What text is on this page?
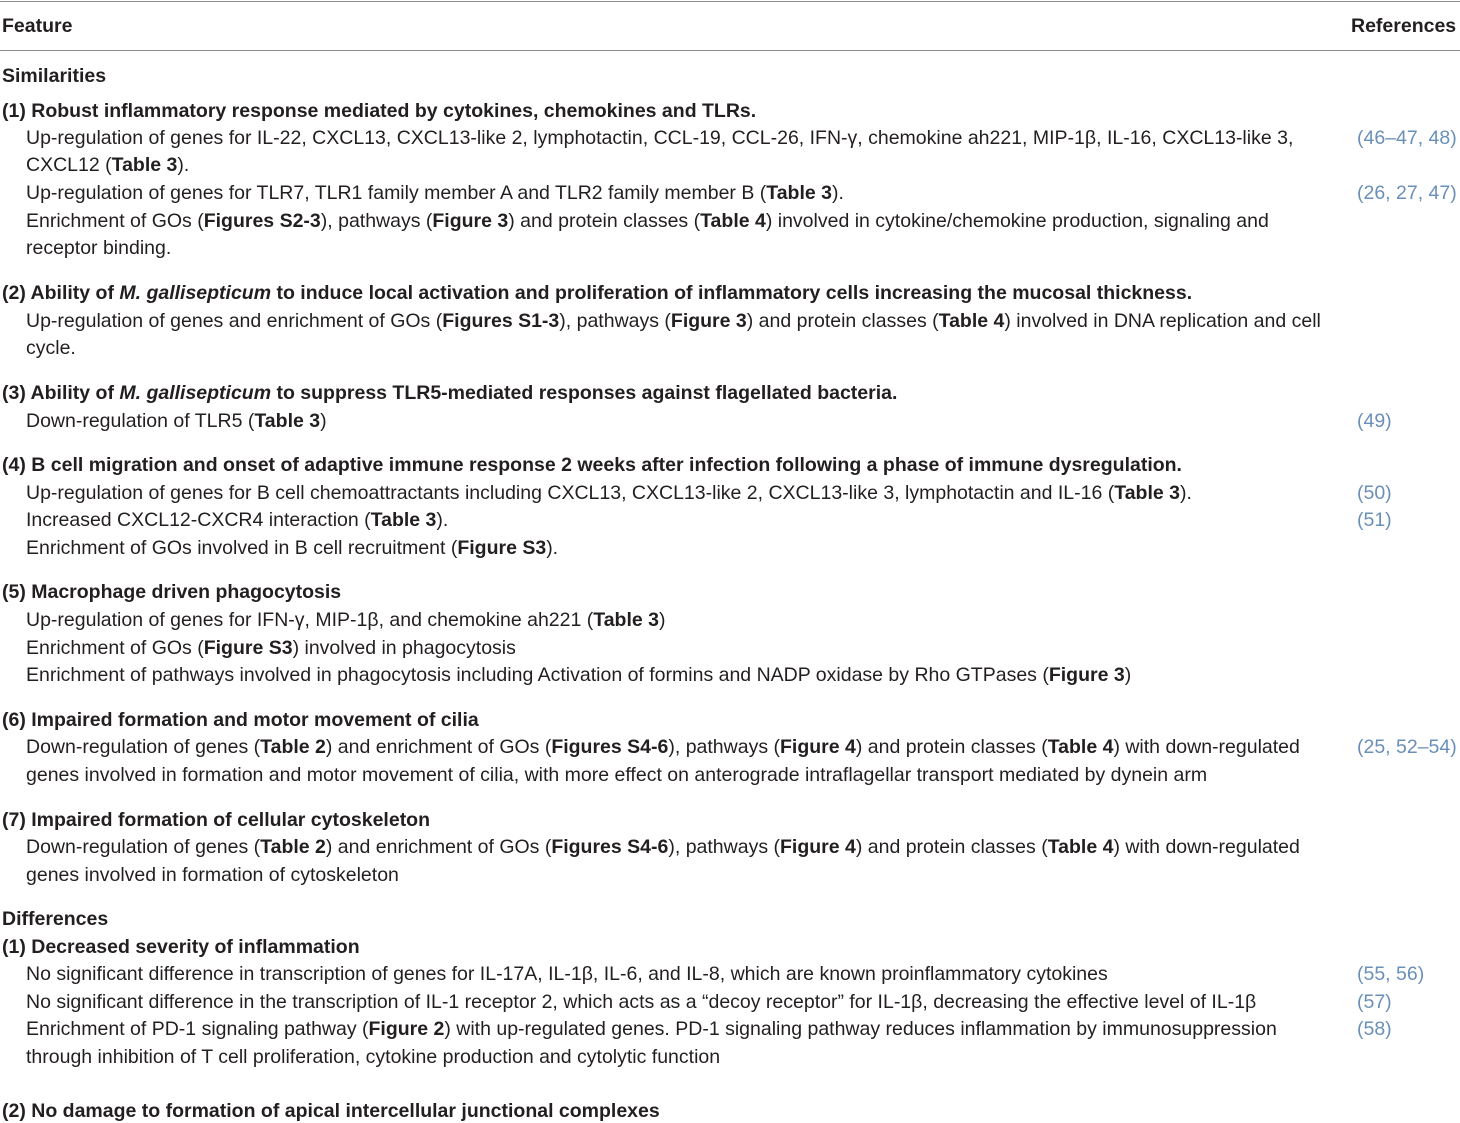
Feature	References
Similarities
(1) Robust inflammatory response mediated by cytokines, chemokines and TLRs.
Up-regulation of genes for IL-22, CXCL13, CXCL13-like 2, lymphotactin, CCL-19, CCL-26, IFN-γ, chemokine ah221, MIP-1β, IL-16, CXCL13-like 3,	(46–47, 48)
CXCL12 (Table 3).
Up-regulation of genes for TLR7, TLR1 family member A and TLR2 family member B (Table 3).	(26, 27, 47)
Enrichment of GOs (Figures S2-3), pathways (Figure 3) and protein classes (Table 4) involved in cytokine/chemokine production, signaling and
receptor binding.
(2) Ability of M. gallisepticum to induce local activation and proliferation of inflammatory cells increasing the mucosal thickness.
Up-regulation of genes and enrichment of GOs (Figures S1-3), pathways (Figure 3) and protein classes (Table 4) involved in DNA replication and cell
cycle.
(3) Ability of M. gallisepticum to suppress TLR5-mediated responses against flagellated bacteria.
Down-regulation of TLR5 (Table 3)	(49)
(4) B cell migration and onset of adaptive immune response 2 weeks after infection following a phase of immune dysregulation.
Up-regulation of genes for B cell chemoattractants including CXCL13, CXCL13-like 2, CXCL13-like 3, lymphotactin and IL-16 (Table 3).	(50)
Increased CXCL12-CXCR4 interaction (Table 3).	(51)
Enrichment of GOs involved in B cell recruitment (Figure S3).
(5) Macrophage driven phagocytosis
Up-regulation of genes for IFN-γ, MIP-1β, and chemokine ah221 (Table 3)
Enrichment of GOs (Figure S3) involved in phagocytosis
Enrichment of pathways involved in phagocytosis including Activation of formins and NADP oxidase by Rho GTPases (Figure 3)
(6) Impaired formation and motor movement of cilia
Down-regulation of genes (Table 2) and enrichment of GOs (Figures S4-6), pathways (Figure 4) and protein classes (Table 4) with down-regulated	(25, 52–54)
genes involved in formation and motor movement of cilia, with more effect on anterograde intraflagellar transport mediated by dynein arm
(7) Impaired formation of cellular cytoskeleton
Down-regulation of genes (Table 2) and enrichment of GOs (Figures S4-6), pathways (Figure 4) and protein classes (Table 4) with down-regulated
genes involved in formation of cytoskeleton
Differences
(1) Decreased severity of inflammation
No significant difference in transcription of genes for IL-17A, IL-1β, IL-6, and IL-8, which are known proinflammatory cytokines	(55, 56)
No significant difference in the transcription of IL-1 receptor 2, which acts as a “decoy receptor” for IL-1β, decreasing the effective level of IL-1β	(57)
Enrichment of PD-1 signaling pathway (Figure 2) with up-regulated genes. PD-1 signaling pathway reduces inflammation by immunosuppression	(58)
through inhibition of T cell proliferation, cytokine production and cytolytic function
(2) No damage to formation of apical intercellular junctional complexes
